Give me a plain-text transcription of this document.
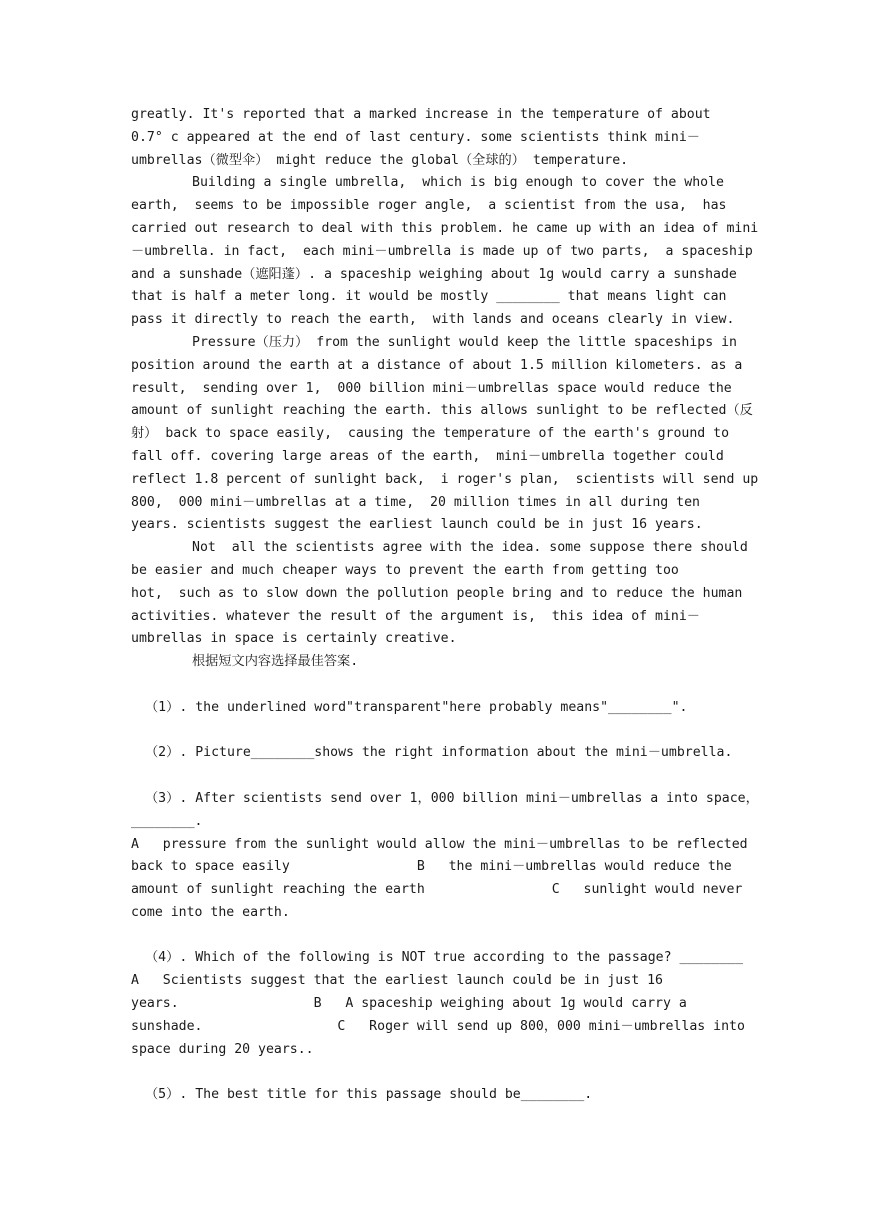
greatly. It's reported that a marked increase in the temperature of about
0.7° c appeared at the end of last century. some scientists think mini－
umbrellas（微型伞） might reduce the global（全球的） temperature.
Building a single umbrella,  which is big enough to cover the whole
earth,  seems to be impossible roger angle,  a scientist from the usa,  has
carried out research to deal with this problem. he came up with an idea of mini
－umbrella. in fact,  each mini－umbrella is made up of two parts,  a spaceship
and a sunshade（遮阳蓬）. a spaceship weighing about 1g would carry a sunshade
that is half a meter long. it would be mostly ________ that means light can
pass it directly to reach the earth,  with lands and oceans clearly in view.
Pressure（压力） from the sunlight would keep the little spaceships in
position around the earth at a distance of about 1.5 million kilometers. as a
result,  sending over 1,  000 billion mini－umbrellas space would reduce the
amount of sunlight reaching the earth. this allows sunlight to be reflected（反
射） back to space easily,  causing the temperature of the earth's ground to
fall off. covering large areas of the earth,  mini－umbrella together could
reflect 1.8 percent of sunlight back,  i roger's plan,  scientists will send up
800,  000 mini－umbrellas at a time,  20 million times in all during ten
years. scientists suggest the earliest launch could be in just 16 years.
Not  all the scientists agree with the idea. some suppose there should
be easier and much cheaper ways to prevent the earth from getting too
hot,  such as to slow down the pollution people bring and to reduce the human
activities. whatever the result of the argument is,  this idea of mini－
umbrellas in space is certainly creative.
根据短文内容选择最佳答案.
（1）. the underlined word"transparent"here probably means"________".
（2）. Picture________shows the right information about the mini－umbrella.
（3）. After scientists send over 1，000 billion mini－umbrellas a into space，
________.
A   pressure from the sunlight would allow the mini－umbrellas to be reflected
back to space easily                B   the mini－umbrellas would reduce the
amount of sunlight reaching the earth                C   sunlight would never
come into the earth.
（4）. Which of the following is NOT true according to the passage? ________
A   Scientists suggest that the earliest launch could be in just 16
years.                 B   A spaceship weighing about 1g would carry a
sunshade.                 C   Roger will send up 800，000 mini－umbrellas into
space during 20 years..
（5）. The best title for this passage should be________.
